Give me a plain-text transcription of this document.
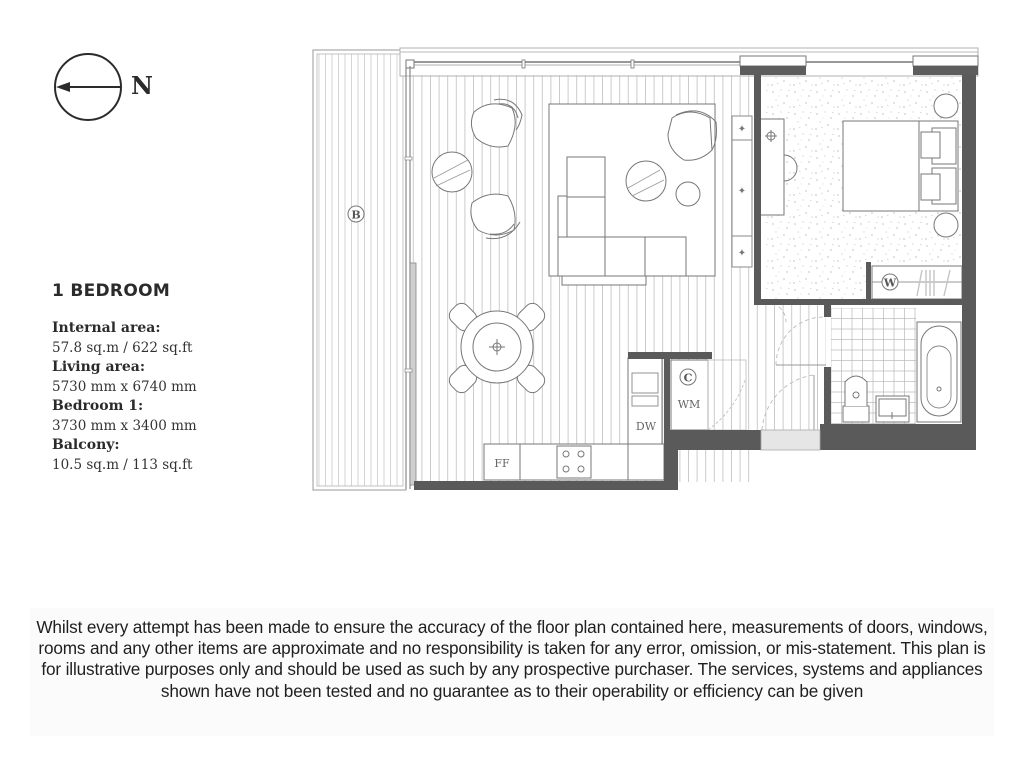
N
1 BEDROOM
Internal area:
57.8 sq.m / 622 sq.ft
Living area:
5730 mm x 6740 mm
Bedroom 1:
3730 mm x 3400 mm
Balcony:
10.5 sq.m / 113 sq.ft
B
FF
DW
C
WM
✦
✦
✦
W
Whilst every attempt has been made to ensure the accuracy of the floor plan contained here, measurements of doors, windows, rooms and any other items are approximate and no responsibility is taken for any error, omission, or mis-statement. This plan is for illustrative purposes only and should be used as such by any prospective purchaser. The services, systems and appliances shown have not been tested and no guarantee as to their operability or efficiency can be given
